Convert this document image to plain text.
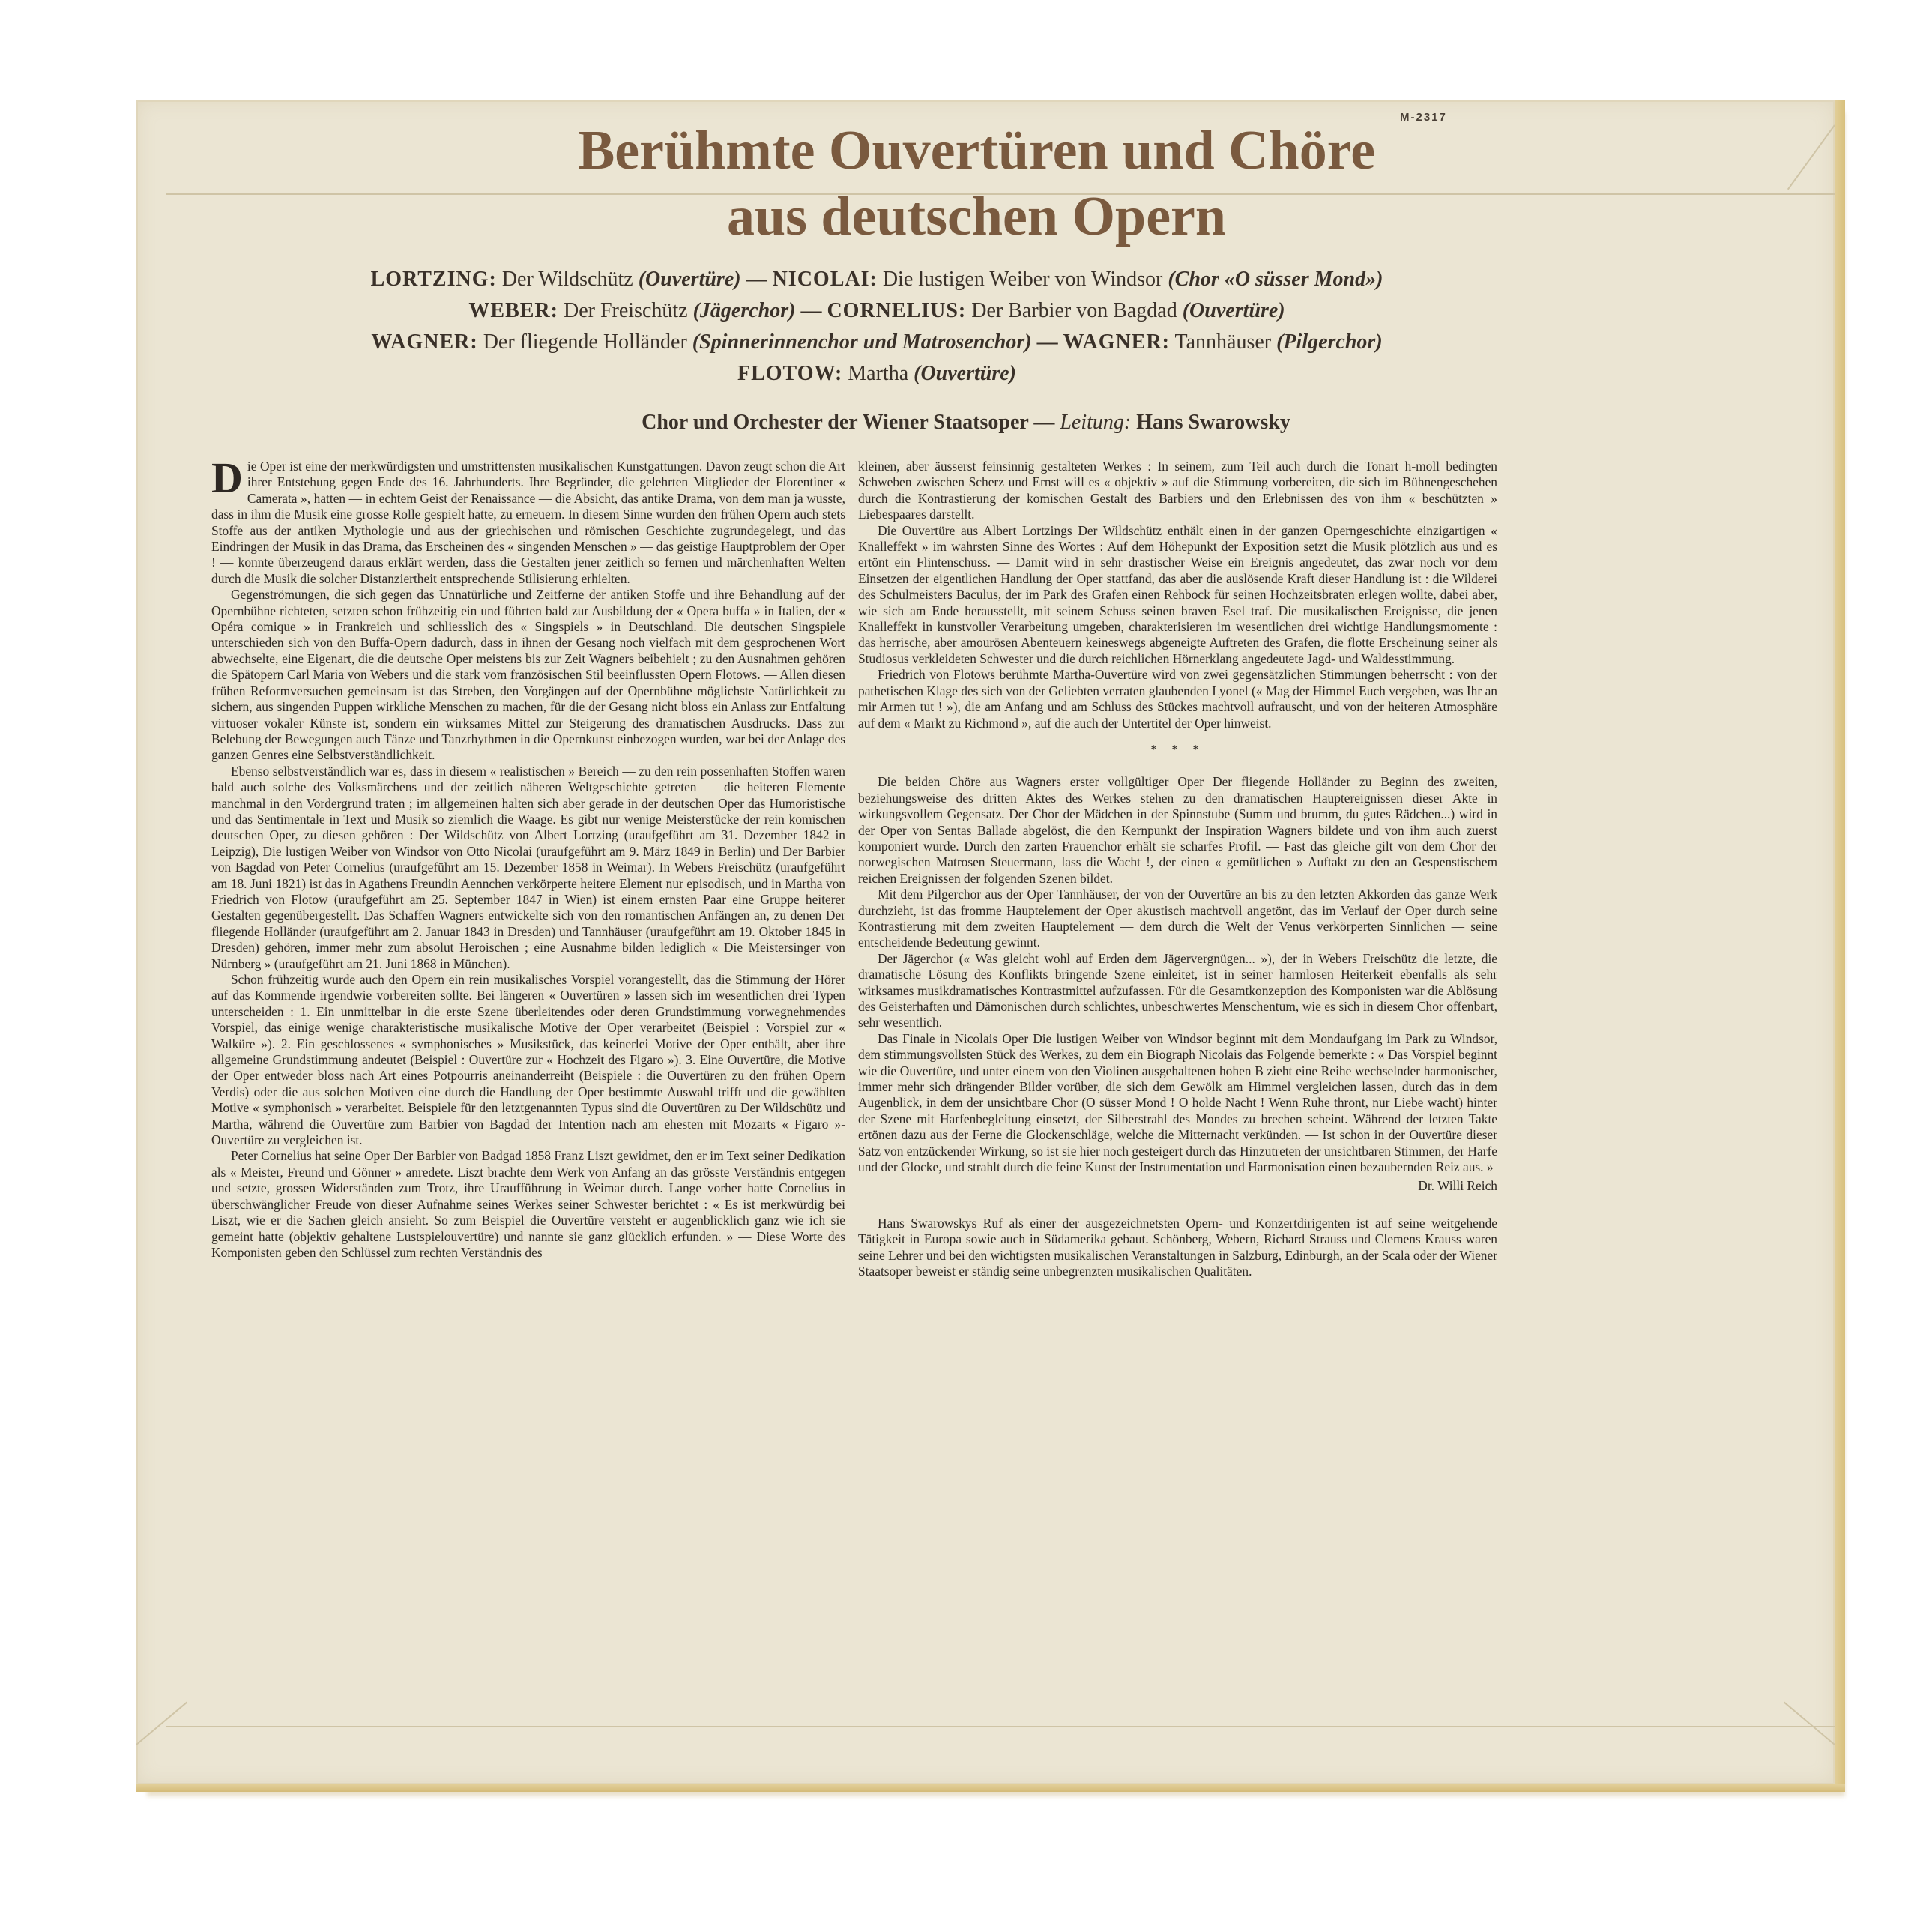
M-2317
Berühmte Ouvertüren und Chöre
aus deutschen Opern
LORTZING: Der Wildschütz (Ouvertüre) — NICOLAI: Die lustigen Weiber von Windsor (Chor «O süsser Mond»)
WEBER: Der Freischütz (Jägerchor) — CORNELIUS: Der Barbier von Bagdad (Ouvertüre)
WAGNER: Der fliegende Holländer (Spinnerinnenchor und Matrosenchor) — WAGNER: Tannhäuser (Pilgerchor)
FLOTOW: Martha (Ouvertüre)
Chor und Orchester der Wiener Staatsoper — Leitung: Hans Swarowsky

Die Oper ist eine der merkwürdigsten und umstrittensten musikalischen Kunstgattungen. Davon zeugt schon die Art ihrer Entstehung gegen Ende des 16. Jahrhunderts. Ihre Begründer, die gelehrten Mitglieder der Florentiner « Camerata », hatten — in echtem Geist der Renaissance — die Absicht, das antike Drama, von dem man ja wusste, dass in ihm die Musik eine grosse Rolle gespielt hatte, zu erneuern. In diesem Sinne wurden den frühen Opern auch stets Stoffe aus der antiken Mythologie und aus der griechischen und römischen Geschichte zugrundegelegt, und das Eindringen der Musik in das Drama, das Erscheinen des « singenden Menschen » — das geistige Hauptproblem der Oper ! — konnte überzeugend daraus erklärt werden, dass die Gestalten jener zeitlich so fernen und märchenhaften Welten durch die Musik die solcher Distanziertheit entsprechende Stilisierung erhielten.

Gegenströmungen, die sich gegen das Unnatürliche und Zeitferne der antiken Stoffe und ihre Behandlung auf der Opernbühne richteten, setzten schon frühzeitig ein und führten bald zur Ausbildung der « Opera buffa » in Italien, der « Opéra comique » in Frankreich und schliesslich des « Singspiels » in Deutschland. Die deutschen Singspiele unterschieden sich von den Buffa-Opern dadurch, dass in ihnen der Gesang noch vielfach mit dem gesprochenen Wort abwechselte, eine Eigenart, die die deutsche Oper meistens bis zur Zeit Wagners beibehielt ; zu den Ausnahmen gehören die Spätopern Carl Maria von Webers und die stark vom französischen Stil beeinflussten Opern Flotows. — Allen diesen frühen Reformversuchen gemeinsam ist das Streben, den Vorgängen auf der Opernbühne möglichste Natürlichkeit zu sichern, aus singenden Puppen wirkliche Menschen zu machen, für die der Gesang nicht bloss ein Anlass zur Entfaltung virtuoser vokaler Künste ist, sondern ein wirksames Mittel zur Steigerung des dramatischen Ausdrucks. Dass zur Belebung der Bewegungen auch Tänze und Tanzrhythmen in die Opernkunst einbezogen wurden, war bei der Anlage des ganzen Genres eine Selbstverständlichkeit.

Ebenso selbstverständlich war es, dass in diesem « realistischen » Bereich — zu den rein possenhaften Stoffen waren bald auch solche des Volksmärchens und der zeitlich näheren Weltgeschichte getreten — die heiteren Elemente manchmal in den Vordergrund traten ; im allgemeinen halten sich aber gerade in der deutschen Oper das Humoristische und das Sentimentale in Text und Musik so ziemlich die Waage. Es gibt nur wenige Meisterstücke der rein komischen deutschen Oper, zu diesen gehören : Der Wildschütz von Albert Lortzing (uraufgeführt am 31. Dezember 1842 in Leipzig), Die lustigen Weiber von Windsor von Otto Nicolai (uraufgeführt am 9. März 1849 in Berlin) und Der Barbier von Bagdad von Peter Cornelius (uraufgeführt am 15. Dezember 1858 in Weimar). In Webers Freischütz (uraufgeführt am 18. Juni 1821) ist das in Agathens Freundin Aennchen verkörperte heitere Element nur episodisch, und in Martha von Friedrich von Flotow (uraufgeführt am 25. September 1847 in Wien) ist einem ernsten Paar eine Gruppe heiterer Gestalten gegenübergestellt. Das Schaffen Wagners entwickelte sich von den romantischen Anfängen an, zu denen Der fliegende Holländer (uraufgeführt am 2. Januar 1843 in Dresden) und Tannhäuser (uraufgeführt am 19. Oktober 1845 in Dresden) gehören, immer mehr zum absolut Heroischen ; eine Ausnahme bilden lediglich « Die Meistersinger von Nürnberg » (uraufgeführt am 21. Juni 1868 in München).

Schon frühzeitig wurde auch den Opern ein rein musikalisches Vorspiel vorangestellt, das die Stimmung der Hörer auf das Kommende irgendwie vorbereiten sollte. Bei längeren « Ouvertüren » lassen sich im wesentlichen drei Typen unterscheiden : 1. Ein unmittelbar in die erste Szene überleitendes oder deren Grundstimmung vorwegnehmendes Vorspiel, das einige wenige charakteristische musikalische Motive der Oper verarbeitet (Beispiel : Vorspiel zur « Walküre »). 2. Ein geschlossenes « symphonisches » Musikstück, das keinerlei Motive der Oper enthält, aber ihre allgemeine Grundstimmung andeutet (Beispiel : Ouvertüre zur « Hochzeit des Figaro »). 3. Eine Ouvertüre, die Motive der Oper entweder bloss nach Art eines Potpourris aneinanderreiht (Beispiele : die Ouvertüren zu den frühen Opern Verdis) oder die aus solchen Motiven eine durch die Handlung der Oper bestimmte Auswahl trifft und die gewählten Motive « symphonisch » verarbeitet. Beispiele für den letztgenannten Typus sind die Ouvertüren zu Der Wildschütz und Martha, während die Ouvertüre zum Barbier von Bagdad der Intention nach am ehesten mit Mozarts « Figaro »-Ouvertüre zu vergleichen ist.

Peter Cornelius hat seine Oper Der Barbier von Badgad 1858 Franz Liszt gewidmet, den er im Text seiner Dedikation als « Meister, Freund und Gönner » anredete. Liszt brachte dem Werk von Anfang an das grösste Verständnis entgegen und setzte, grossen Widerständen zum Trotz, ihre Uraufführung in Weimar durch. Lange vorher hatte Cornelius in überschwänglicher Freude von dieser Aufnahme seines Werkes seiner Schwester berichtet : « Es ist merkwürdig bei Liszt, wie er die Sachen gleich ansieht. So zum Beispiel die Ouvertüre versteht er augenblicklich ganz wie ich sie gemeint hatte (objektiv gehaltene Lustspielouvertüre) und nannte sie ganz glücklich erfunden. » — Diese Worte des Komponisten geben den Schlüssel zum rechten Verständnis des

kleinen, aber äusserst feinsinnig gestalteten Werkes : In seinem, zum Teil auch durch die Tonart h-moll bedingten Schweben zwischen Scherz und Ernst will es « objektiv » auf die Stimmung vorbereiten, die sich im Bühnengeschehen durch die Kontrastierung der komischen Gestalt des Barbiers und den Erlebnissen des von ihm « beschützten » Liebespaares darstellt.

Die Ouvertüre aus Albert Lortzings Der Wildschütz enthält einen in der ganzen Operngeschichte einzigartigen « Knalleffekt » im wahrsten Sinne des Wortes : Auf dem Höhepunkt der Exposition setzt die Musik plötzlich aus und es ertönt ein Flintenschuss. — Damit wird in sehr drastischer Weise ein Ereignis angedeutet, das zwar noch vor dem Einsetzen der eigentlichen Handlung der Oper stattfand, das aber die auslösende Kraft dieser Handlung ist : die Wilderei des Schulmeisters Baculus, der im Park des Grafen einen Rehbock für seinen Hochzeitsbraten erlegen wollte, dabei aber, wie sich am Ende herausstellt, mit seinem Schuss seinen braven Esel traf. Die musikalischen Ereignisse, die jenen Knalleffekt in kunstvoller Verarbeitung umgeben, charakterisieren im wesentlichen drei wichtige Handlungsmomente : das herrische, aber amourösen Abenteuern keineswegs abgeneigte Auftreten des Grafen, die flotte Erscheinung seiner als Studiosus verkleideten Schwester und die durch reichlichen Hörnerklang angedeutete Jagd- und Waldesstimmung.

Friedrich von Flotows berühmte Martha-Ouvertüre wird von zwei gegensätzlichen Stimmungen beherrscht : von der pathetischen Klage des sich von der Geliebten verraten glaubenden Lyonel (« Mag der Himmel Euch vergeben, was Ihr an mir Armen tut ! »), die am Anfang und am Schluss des Stückes machtvoll aufrauscht, und von der heiteren Atmosphäre auf dem « Markt zu Richmond », auf die auch der Untertitel der Oper hinweist.

* * *

Die beiden Chöre aus Wagners erster vollgültiger Oper Der fliegende Holländer zu Beginn des zweiten, beziehungsweise des dritten Aktes des Werkes stehen zu den dramatischen Hauptereignissen dieser Akte in wirkungsvollem Gegensatz. Der Chor der Mädchen in der Spinnstube (Summ und brumm, du gutes Rädchen...) wird in der Oper von Sentas Ballade abgelöst, die den Kernpunkt der Inspiration Wagners bildete und von ihm auch zuerst komponiert wurde. Durch den zarten Frauenchor erhält sie scharfes Profil. — Fast das gleiche gilt von dem Chor der norwegischen Matrosen Steuermann, lass die Wacht !, der einen « gemütlichen » Auftakt zu den an Gespenstischem reichen Ereignissen der folgenden Szenen bildet.

Mit dem Pilgerchor aus der Oper Tannhäuser, der von der Ouvertüre an bis zu den letzten Akkorden das ganze Werk durchzieht, ist das fromme Hauptelement der Oper akustisch machtvoll angetönt, das im Verlauf der Oper durch seine Kontrastierung mit dem zweiten Hauptelement — dem durch die Welt der Venus verkörperten Sinnlichen — seine entscheidende Bedeutung gewinnt.

Der Jägerchor (« Was gleicht wohl auf Erden dem Jägervergnügen... »), der in Webers Freischütz die letzte, die dramatische Lösung des Konflikts bringende Szene einleitet, ist in seiner harmlosen Heiterkeit ebenfalls als sehr wirksames musikdramatisches Kontrastmittel aufzufassen. Für die Gesamtkonzeption des Komponisten war die Ablösung des Geisterhaften und Dämonischen durch schlichtes, unbeschwertes Menschentum, wie es sich in diesem Chor offenbart, sehr wesentlich.

Das Finale in Nicolais Oper Die lustigen Weiber von Windsor beginnt mit dem Mondaufgang im Park zu Windsor, dem stimmungsvollsten Stück des Werkes, zu dem ein Biograph Nicolais das Folgende bemerkte : « Das Vorspiel beginnt wie die Ouvertüre, und unter einem von den Violinen ausgehaltenen hohen B zieht eine Reihe wechselnder harmonischer, immer mehr sich drängender Bilder vorüber, die sich dem Gewölk am Himmel vergleichen lassen, durch das in dem Augenblick, in dem der unsichtbare Chor (O süsser Mond ! O holde Nacht ! Wenn Ruhe thront, nur Liebe wacht) hinter der Szene mit Harfenbegleitung einsetzt, der Silberstrahl des Mondes zu brechen scheint. Während der letzten Takte ertönen dazu aus der Ferne die Glockenschläge, welche die Mitternacht verkünden. — Ist schon in der Ouvertüre dieser Satz von entzückender Wirkung, so ist sie hier noch gesteigert durch das Hinzutreten der unsichtbaren Stimmen, der Harfe und der Glocke, und strahlt durch die feine Kunst der Instrumentation und Harmonisation einen bezaubernden Reiz aus. »

Dr. Willi Reich

Hans Swarowskys Ruf als einer der ausgezeichnetsten Opern- und Konzertdirigenten ist auf seine weitgehende Tätigkeit in Europa sowie auch in Südamerika gebaut. Schönberg, Webern, Richard Strauss und Clemens Krauss waren seine Lehrer und bei den wichtigsten musikalischen Veranstaltungen in Salzburg, Edinburgh, an der Scala oder der Wiener Staatsoper beweist er ständig seine unbegrenzten musikalischen Qualitäten.
